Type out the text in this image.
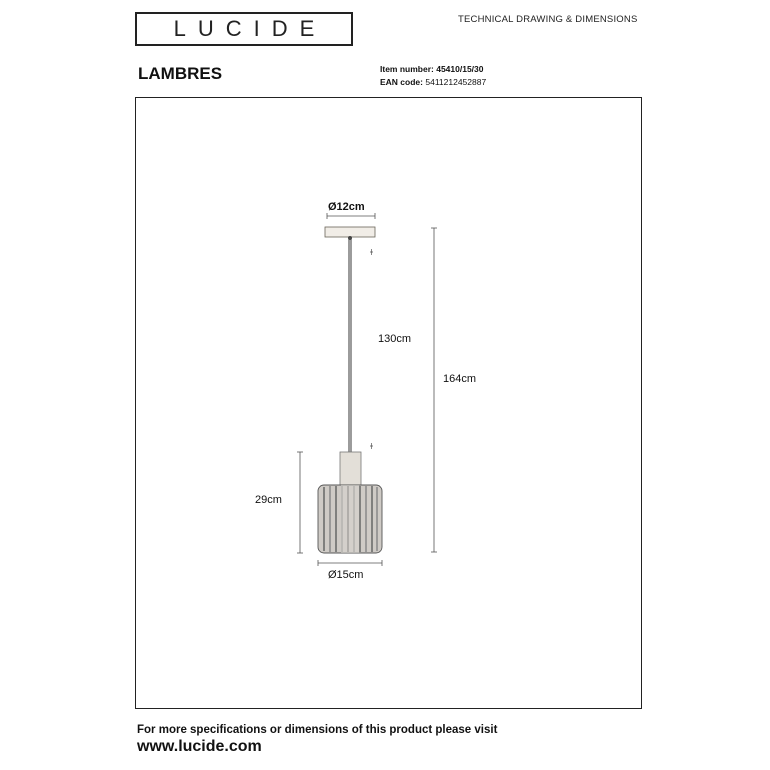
LUCIDE	TECHNICAL DRAWING & DIMENSIONS
LAMBRES	Item number: 45410/15/30
EAN code: 5411212452887
Ø12cm
130cm
164cm
29cm
Ø15cm
For more specifications or dimensions of this product please visit
www.lucide.com
